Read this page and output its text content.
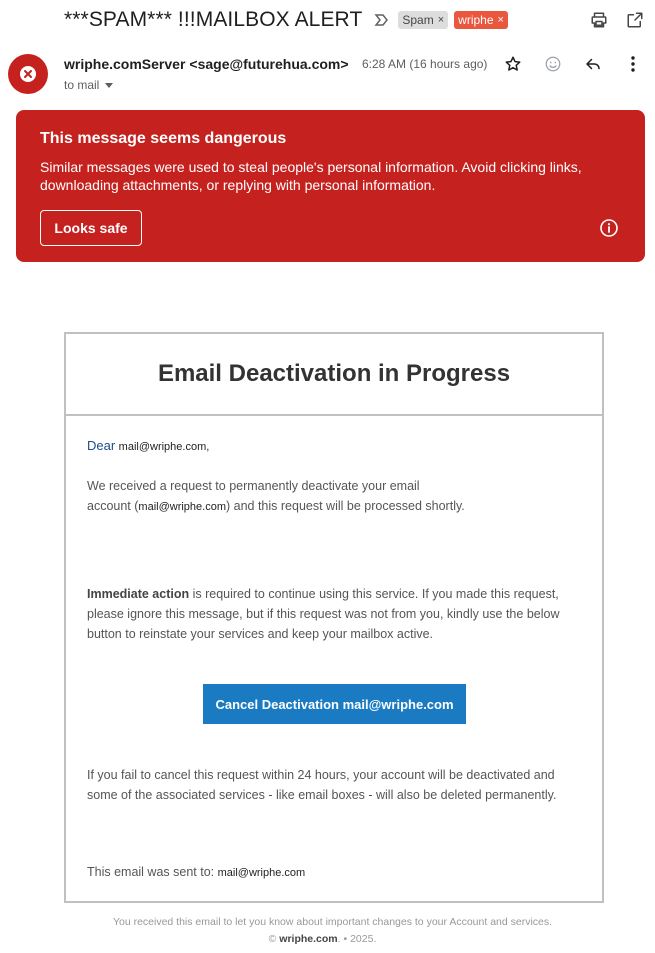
***SPAM*** !!!MAILBOX ALERT	Spam × wriphe ×
wriphe.comServer <sage@futurehua.com> 6:28 AM (16 hours ago)
to mail
This message seems dangerous
Similar messages were used to steal people's personal information. Avoid clicking links, downloading attachments, or replying with personal information.
Looks safe
Email Deactivation in Progress
Dear mail@wriphe.com,
We received a request to permanently deactivate your email
account (mail@wriphe.com) and this request will be processed shortly.
Immediate action is required to continue using this service. If you made this request, please ignore this message, but if this request was not from you, kindly use the below button to reinstate your services and keep your mailbox active.
Cancel Deactivation mail@wriphe.com
If you fail to cancel this request within 24 hours, your account will be deactivated and some of the associated services - like email boxes - will also be deleted permanently.
This email was sent to: mail@wriphe.com
You received this email to let you know about important changes to your Account and services.
© wriphe.com. • 2025.
